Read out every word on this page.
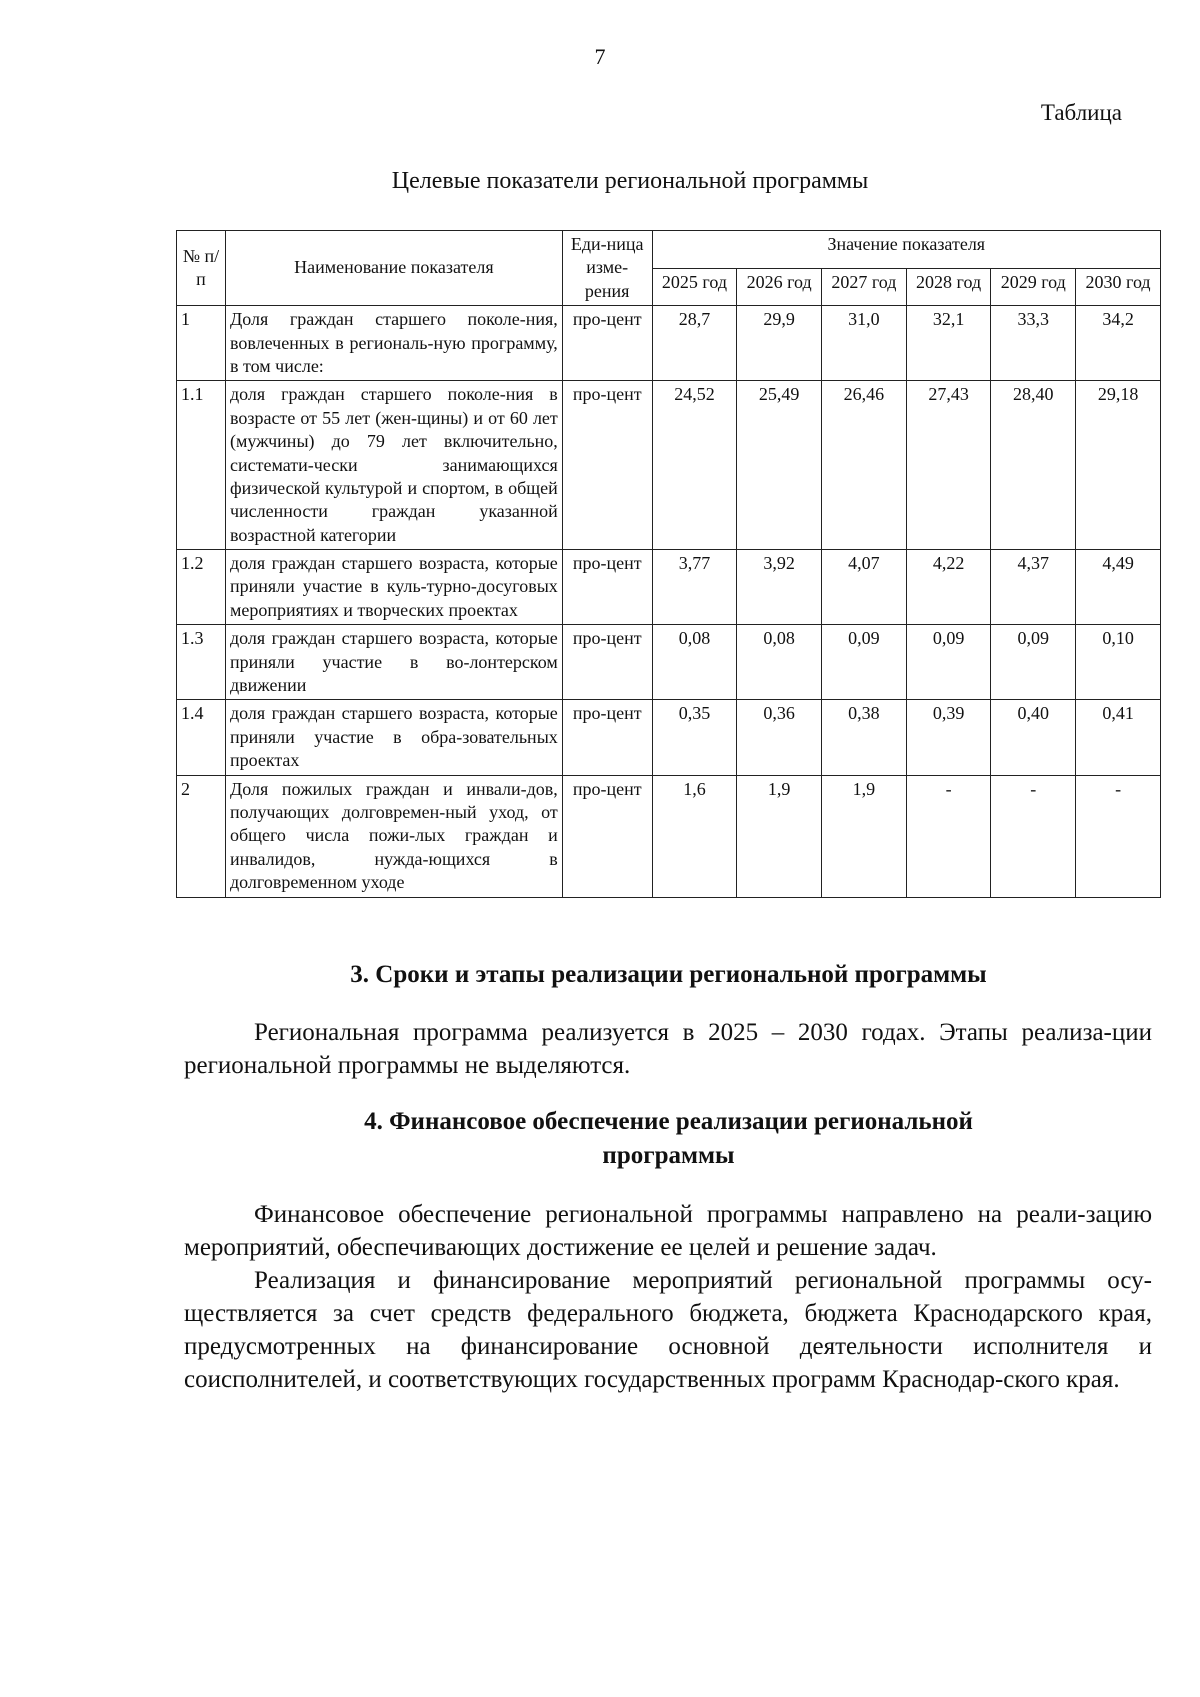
7
Таблица
Целевые показатели региональной программы
№ п/п	Наименование показателя	Еди-ница изме-рения	Значение показателя					
			2025 год	2026 год	2027 год	2028 год	2029 год	2030 год
1	Доля граждан старшего поколе-ния, вовлеченных в региональ-ную программу, в том числе:	про-цент	28,7	29,9	31,0	32,1	33,3	34,2
1.1	доля граждан старшего поколе-ния в возрасте от 55 лет (жен-щины) и от 60 лет (мужчины) до 79 лет включительно, системати-чески занимающихся физической культурой и спортом, в общей численности граждан указанной возрастной категории	про-цент	24,52	25,49	26,46	27,43	28,40	29,18
1.2	доля граждан старшего возраста, которые приняли участие в куль-турно-досуговых мероприятиях и творческих проектах	про-цент	3,77	3,92	4,07	4,22	4,37	4,49
1.3	доля граждан старшего возраста, которые приняли участие в во-лонтерском движении	про-цент	0,08	0,08	0,09	0,09	0,09	0,10
1.4	доля граждан старшего возраста, которые приняли участие в обра-зовательных проектах	про-цент	0,35	0,36	0,38	0,39	0,40	0,41
2	Доля пожилых граждан и инвали-дов, получающих долговремен-ный уход, от общего числа пожи-лых граждан и инвалидов, нужда-ющихся в долговременном уходе	про-цент	1,6	1,9	1,9	-	-	-
3. Сроки и этапы реализации региональной программы
Региональная программа реализуется в 2025 – 2030 годах. Этапы реализа-ции региональной программы не выделяются.
4. Финансовое обеспечение реализации региональной программы
Финансовое обеспечение региональной программы направлено на реали-зацию мероприятий, обеспечивающих достижение ее целей и решение задач.
Реализация и финансирование мероприятий региональной программы осу-ществляется за счет средств федерального бюджета, бюджета Краснодарского края, предусмотренных на финансирование основной деятельности исполнителя и соисполнителей, и соответствующих государственных программ Краснодар-ского края.
